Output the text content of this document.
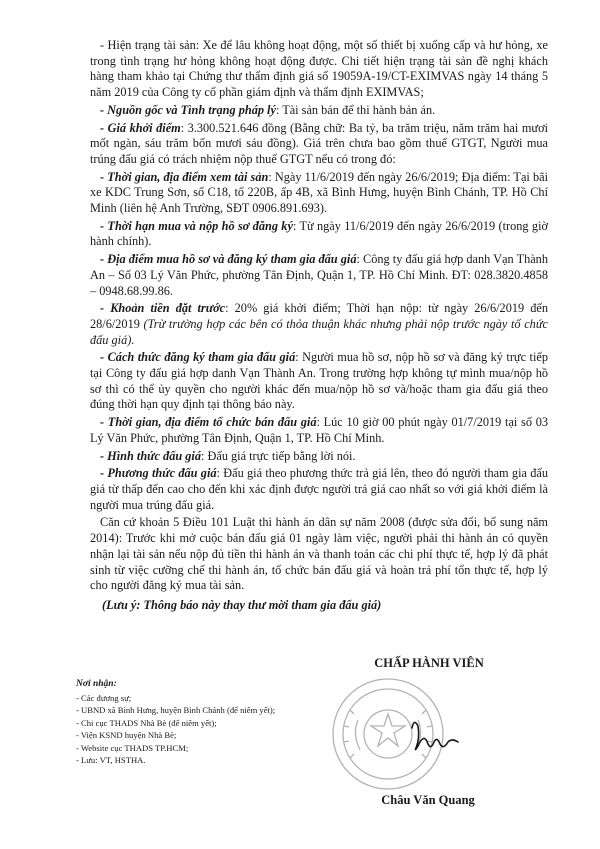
- Hiện trạng tài sản: Xe để lâu không hoạt động, một số thiết bị xuống cấp và hư hỏng, xe trong tình trạng hư hỏng không hoạt động được. Chi tiết hiện trạng tài sản đề nghị khách hàng tham khảo tại Chứng thư thẩm định giá số 19059A-19/CT-EXIMVAS ngày 14 tháng 5 năm 2019 của Công ty cổ phần giám định và thẩm định EXIMVAS;

- Nguồn gốc và Tình trạng pháp lý: Tài sản bán để thi hành bản án.

- Giá khởi điểm: 3.300.521.646 đồng (Bằng chữ: Ba tỷ, ba trăm triệu, năm trăm hai mươi mốt ngàn, sáu trăm bốn mươi sáu đồng). Giá trên chưa bao gồm thuế GTGT, Người mua trúng đấu giá có trách nhiệm nộp thuế GTGT nếu có trong đó:

- Thời gian, địa điểm xem tài sản: Ngày 11/6/2019 đến ngày 26/6/2019; Địa điểm: Tại bãi xe KDC Trung Sơn, số C18, tổ 220B, ấp 4B, xã Bình Hưng, huyện Bình Chánh, TP. Hồ Chí Minh (liên hệ Anh Trường, SĐT 0906.891.693).

- Thời hạn mua và nộp hồ sơ đăng ký: Từ ngày 11/6/2019 đến ngày 26/6/2019 (trong giờ hành chính).

- Địa điểm mua hồ sơ và đăng ký tham gia đấu giá: Công ty đấu giá hợp danh Vạn Thành An – Số 03 Lý Văn Phức, phường Tân Định, Quận 1, TP. Hồ Chí Minh. ĐT: 028.3820.4858 – 0948.68.99.86.

- Khoản tiền đặt trước: 20% giá khởi điểm; Thời hạn nộp: từ ngày 26/6/2019 đến 28/6/2019 (Trừ trường hợp các bên có thỏa thuận khác nhưng phải nộp trước ngày tổ chức đấu giá).

- Cách thức đăng ký tham gia đấu giá: Người mua hồ sơ, nộp hồ sơ và đăng ký trực tiếp tại Công ty đấu giá hợp danh Vạn Thành An. Trong trường hợp không tự mình mua/nộp hồ sơ thì có thể ủy quyền cho người khác đến mua/nộp hồ sơ và/hoặc tham gia đấu giá theo đúng thời hạn quy định tại thông báo này.

- Thời gian, địa điểm tổ chức bán đấu giá: Lúc 10 giờ 00 phút ngày 01/7/2019 tại số 03 Lý Văn Phức, phường Tân Định, Quận 1, TP. Hồ Chí Minh.

- Hình thức đấu giá: Đấu giá trực tiếp bằng lời nói.

- Phương thức đấu giá: Đấu giá theo phương thức trả giá lên, theo đó người tham gia đấu giá từ thấp đến cao cho đến khi xác định được người trả giá cao nhất so với giá khởi điểm là người mua trúng đấu giá.

Căn cứ khoản 5 Điều 101 Luật thi hành án dân sự năm 2008 (được sửa đổi, bổ sung năm 2014): Trước khi mở cuộc bán đấu giá 01 ngày làm việc, người phải thi hành án có quyền nhận lại tài sản nếu nộp đủ tiền thi hành án và thanh toán các chi phí thực tế, hợp lý đã phát sinh từ việc cưỡng chế thi hành án, tổ chức bán đấu giá và hoàn trả phí tổn thực tế, hợp lý cho người đăng ký mua tài sản.

(Lưu ý: Thông báo này thay thư mời tham gia đấu giá)
Nơi nhận:
- Các đương sự;
- UBND xã Bình Hưng, huyện Bình Chánh (để niêm yết);
- Chi cục THADS Nhà Bè (để niêm yết);
- Viện KSND huyện Nhà Bè;
- Website cục THADS TP.HCM;
- Lưu: VT, HSTHA.
CHẤP HÀNH VIÊN
Châu Văn Quang
